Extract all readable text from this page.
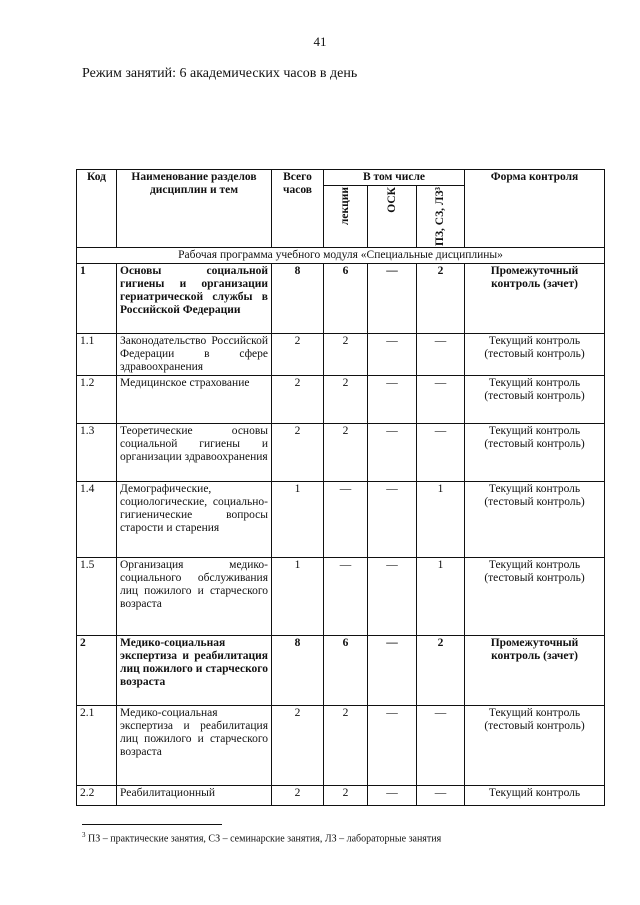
41
Режим занятий: 6 академических часов в день
Код	Наименование разделов дисциплин и тем	Всего часов	В том числе			Форма контроля

			лекции	ОСК	ПЗ, СЗ, ЛЗ³	

Рабочая программа учебного модуля «Специальные дисциплины»						
1	Основы социальной гигиены и организации гериатрической службы в Российской Федерации	8	6	—	2	Промежуточный контроль (зачет)
1.1	Законодательство Российской Федерации в сфере здравоохранения	2	2	—	—	Текущий контроль (тестовый контроль)
1.2	Медицинское страхование	2	2	—	—	Текущий контроль (тестовый контроль)
1.3	Теоретические основы социальной гигиены и организации здравоохранения	2	2	—	—	Текущий контроль (тестовый контроль)
1.4	Демографические, социологические, социально-гигиенические вопросы старости и старения	1	—	—	1	Текущий контроль (тестовый контроль)
1.5	Организация медико-социального обслуживания лиц пожилого и старческого возраста	1	—	—	1	Текущий контроль (тестовый контроль)
2	Медико-социальная экспертиза и реабилитация лиц пожилого и старческого возраста	8	6	—	2	Промежуточный контроль (зачет)
2.1	Медико-социальная экспертиза и реабилитация лиц пожилого и старческого возраста	2	2	—	—	Текущий контроль (тестовый контроль)
2.2	Реабилитационный	2	2	—	—	Текущий контроль
$^3$ ПЗ – практические занятия, СЗ – семинарские занятия, ЛЗ – лабораторные занятия
